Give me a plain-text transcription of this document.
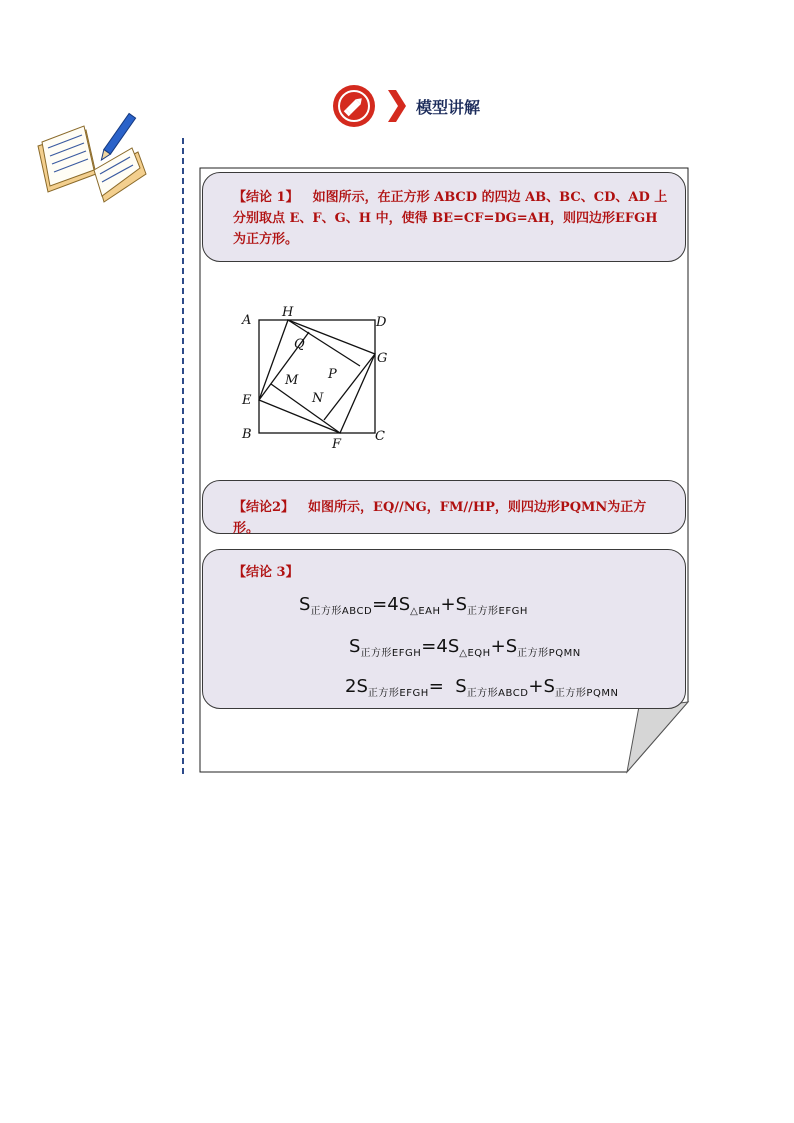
模型讲解

【结论 1】 如图所示，在正方形 ABCD 的四边 AB、BC、CD、AD 上分别取点 E、F、G、H 中，使得 BE=CF=DG=AH，则四边形EFGH 为正方形。

A
H
D
G
Q
M P
E	N
B
F
C

【结论2】 如图所示，EQ//NG，FM//HP，则四边形PQMN为正方形。

【结论 3】

$S_{正方形ABCD}=4S_{\triangle EAH}+S_{正方形EFGH}$
$S_{正方形EFGH}=4S_{\triangle EQH}+S_{正方形PQMN}$
$2S_{正方形EFGH}= S_{正方形ABCD}+S_{正方形PQMN}$
